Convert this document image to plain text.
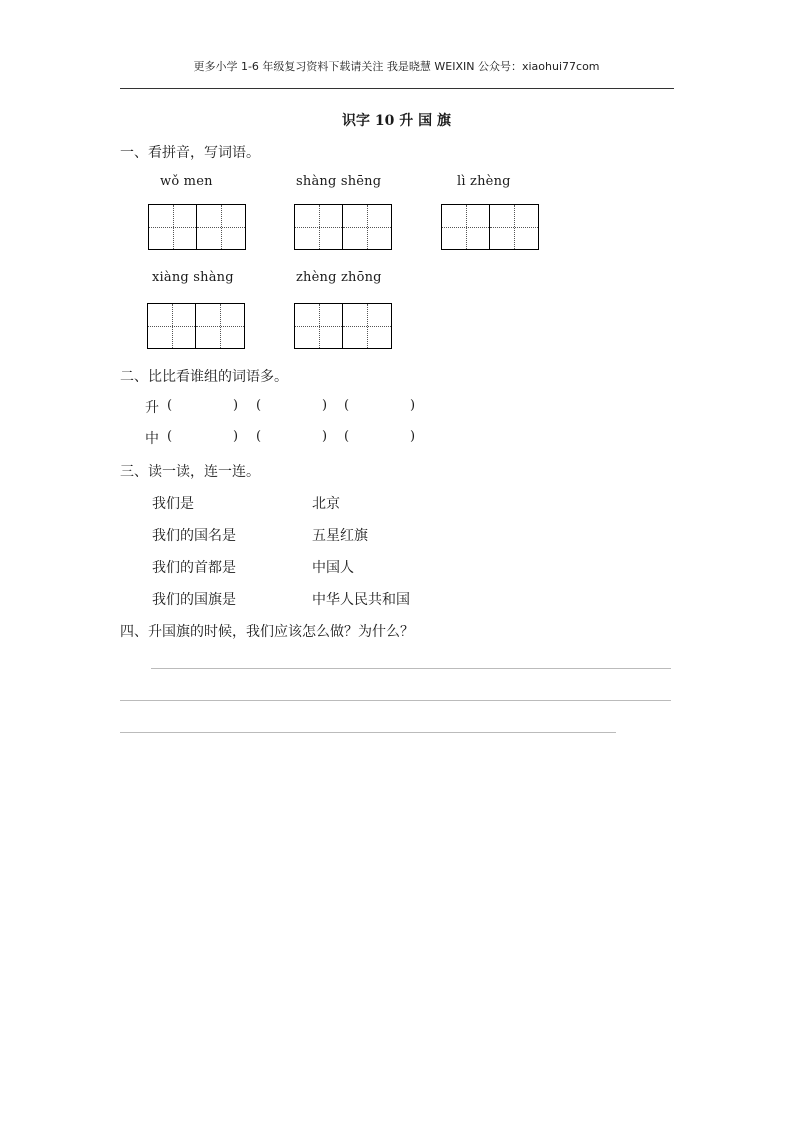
更多小学 1-6 年级复习资料下载请关注 我是晓慧 WEIXIN 公众号：xiaohui77com
识字 10 升 国 旗
一、看拼音，写词语。
wǒ men	shàng shēng	lì zhèng
xiàng shàng	zhèng zhōng
二、比比看谁组的词语多。
升 (	) (	) (	)
中 (	) (	) (	)
三、读一读，连一连。
我们是
我们的国名是
我们的首都是
我们的国旗是
北京
五星红旗
中国人
中华人民共和国
四、升国旗的时候，我们应该怎么做？为什么？
